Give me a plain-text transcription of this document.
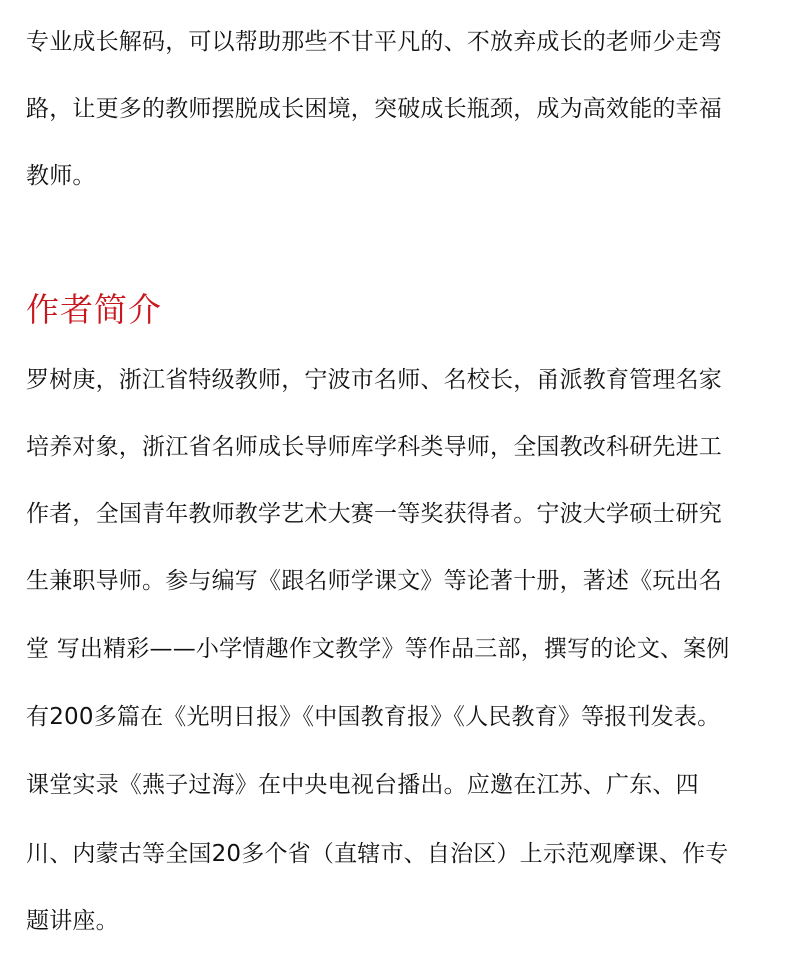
专业成长解码，可以帮助那些不甘平凡的、不放弃成长的老师少走弯
路，让更多的教师摆脱成长困境，突破成长瓶颈，成为高效能的幸福
教师。
作者简介
罗树庚，浙江省特级教师，宁波市名师、名校长，甬派教育管理名家
培养对象，浙江省名师成长导师库学科类导师，全国教改科研先进工
作者，全国青年教师教学艺术大赛一等奖获得者。宁波大学硕士研究
生兼职导师。参与编写《跟名师学课文》等论著十册，著述《玩出名
堂 写出精彩——小学情趣作文教学》等作品三部，撰写的论文、案例
有200多篇在《光明日报》《中国教育报》《人民教育》等报刊发表。
课堂实录《燕子过海》在中央电视台播出。应邀在江苏、广东、四
川、内蒙古等全国20多个省（直辖市、自治区）上示范观摩课、作专
题讲座。
